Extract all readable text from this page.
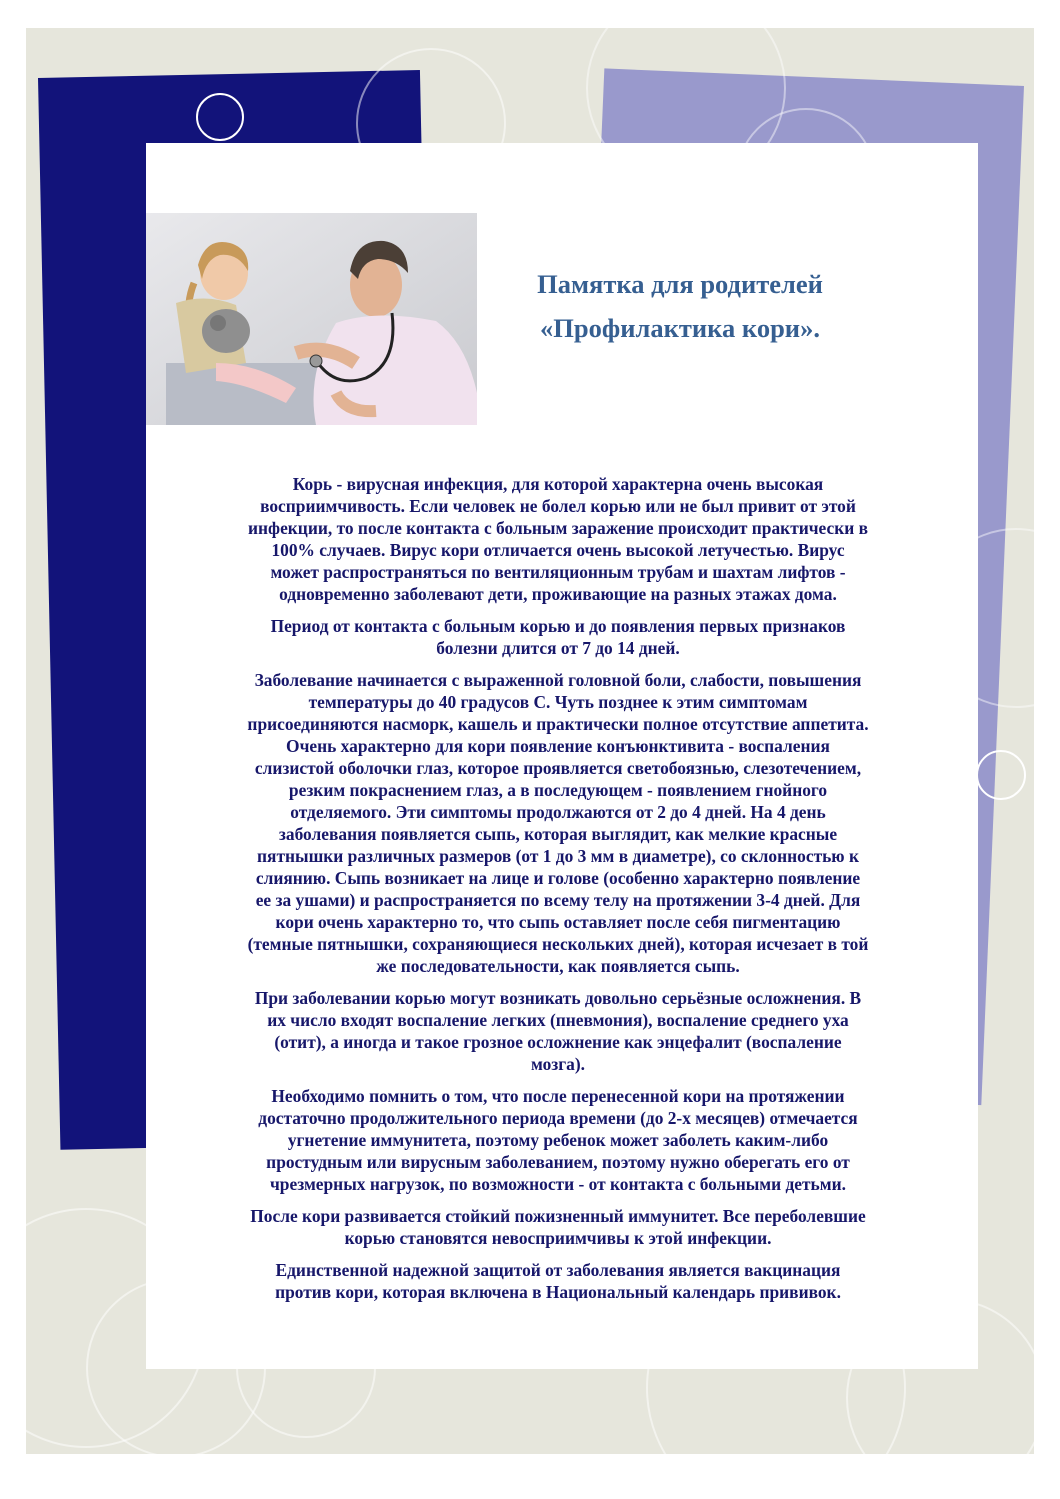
Памятка для родителей
«Профилактика кори».

Корь - вирусная инфекция, для которой характерна очень высокая
восприимчивость. Если человек не болел корью или не был привит от этой
инфекции, то после контакта с больным заражение происходит практически в
100% случаев. Вирус кори отличается очень высокой летучестью. Вирус
может распространяться по вентиляционным трубам и шахтам лифтов -
одновременно заболевают дети, проживающие на разных этажах дома.

Период от контакта с больным корью и до появления первых признаков
болезни длится от 7 до 14 дней.

Заболевание начинается с выраженной головной боли, слабости, повышения
температуры до 40 градусов С. Чуть позднее к этим симптомам
присоединяются насморк, кашель и практически полное отсутствие аппетита.
Очень характерно для кори появление конъюнктивита - воспаления
слизистой оболочки глаз, которое проявляется светобоязнью, слезотечением,
резким покраснением глаз, а в последующем - появлением гнойного
отделяемого. Эти симптомы продолжаются от 2 до 4 дней. На 4 день
заболевания появляется сыпь, которая выглядит, как мелкие красные
пятнышки различных размеров (от 1 до 3 мм в диаметре), со склонностью к
слиянию. Сыпь возникает на лице и голове (особенно характерно появление
ее за ушами) и распространяется по всему телу на протяжении 3-4 дней. Для
кори очень характерно то, что сыпь оставляет после себя пигментацию
(темные пятнышки, сохраняющиеся нескольких дней), которая исчезает в той
же последовательности, как появляется сыпь.

При заболевании корью могут возникать довольно серьёзные осложнения. В
их число входят воспаление легких (пневмония), воспаление среднего уха
(отит), а иногда и такое грозное осложнение как энцефалит (воспаление
мозга).

Необходимо помнить о том, что после перенесенной кори на протяжении
достаточно продолжительного периода времени (до 2-х месяцев) отмечается
угнетение иммунитета, поэтому ребенок может заболеть каким-либо
простудным или вирусным заболеванием, поэтому нужно оберегать его от
чрезмерных нагрузок, по возможности - от контакта с больными детьми.

После кори развивается стойкий пожизненный иммунитет. Все переболевшие
корью становятся невосприимчивы к этой инфекции.

Единственной надежной защитой от заболевания является вакцинация
против кори, которая включена в Национальный календарь прививок.
